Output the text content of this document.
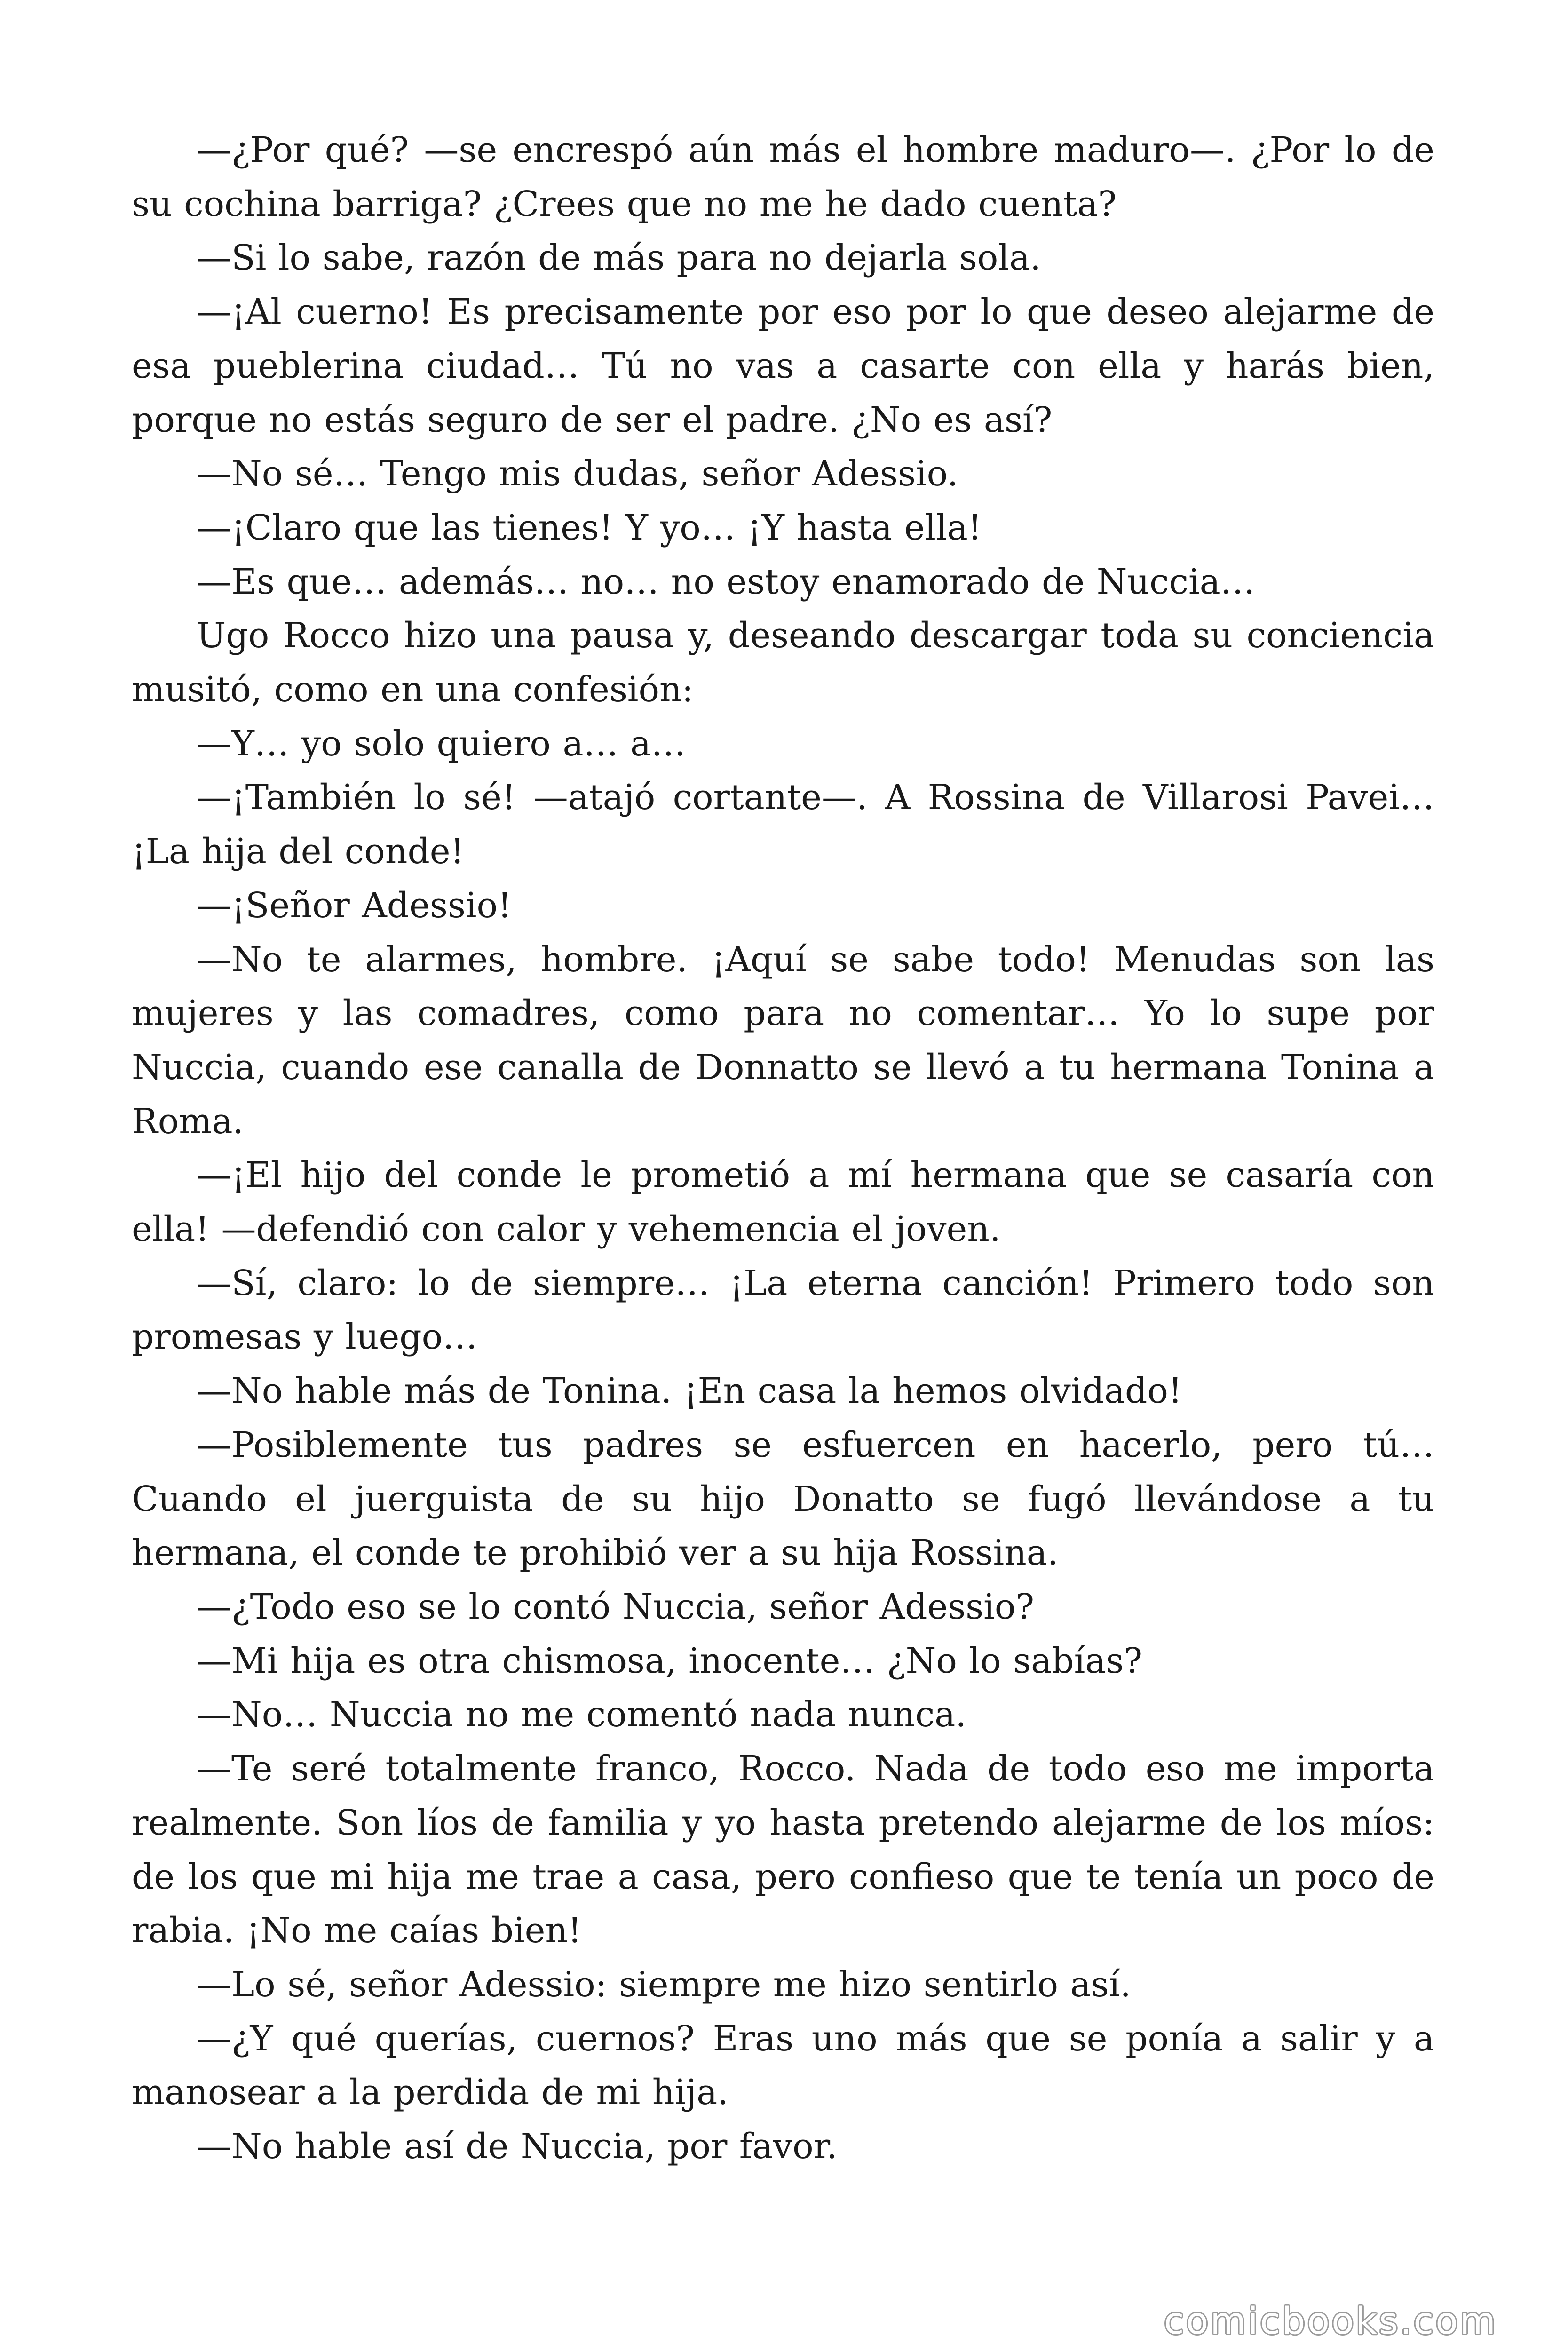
—¿Por qué? —se encrespó aún más el hombre maduro—. ¿Por lo de su cochina barriga? ¿Crees que no me he dado cuenta?

—Si lo sabe, razón de más para no dejarla sola.

—¡Al cuerno! Es precisamente por eso por lo que deseo alejarme de esa pueblerina ciudad… Tú no vas a casarte con ella y harás bien, porque no estás seguro de ser el padre. ¿No es así?

—No sé… Tengo mis dudas, señor Adessio.

—¡Claro que las tienes! Y yo… ¡Y hasta ella!

—Es que… además… no… no estoy enamorado de Nuccia…

Ugo Rocco hizo una pausa y, deseando descargar toda su conciencia musitó, como en una confesión:

—Y… yo solo quiero a… a…

—¡También lo sé! —atajó cortante—. A Rossina de Villarosi Pavei… ¡La hija del conde!

—¡Señor Adessio!

—No te alarmes, hombre. ¡Aquí se sabe todo! Menudas son las mujeres y las comadres, como para no comentar… Yo lo supe por Nuccia, cuando ese canalla de Donnatto se llevó a tu hermana Tonina a Roma.

—¡El hijo del conde le prometió a mí hermana que se casaría con ella! —defendió con calor y vehemencia el joven.

—Sí, claro: lo de siempre… ¡La eterna canción! Primero todo son promesas y luego…

—No hable más de Tonina. ¡En casa la hemos olvidado!

—Posiblemente tus padres se esfuercen en hacerlo, pero tú… Cuando el juerguista de su hijo Donatto se fugó llevándose a tu hermana, el conde te prohibió ver a su hija Rossina.

—¿Todo eso se lo contó Nuccia, señor Adessio?

—Mi hija es otra chismosa, inocente… ¿No lo sabías?

—No… Nuccia no me comentó nada nunca.

—Te seré totalmente franco, Rocco. Nada de todo eso me importa realmente. Son líos de familia y yo hasta pretendo alejarme de los míos: de los que mi hija me trae a casa, pero confieso que te tenía un poco de rabia. ¡No me caías bien!

—Lo sé, señor Adessio: siempre me hizo sentirlo así.

—¿Y qué querías, cuernos? Eras uno más que se ponía a salir y a manosear a la perdida de mi hija.

—No hable así de Nuccia, por favor.

comicbooks.com
